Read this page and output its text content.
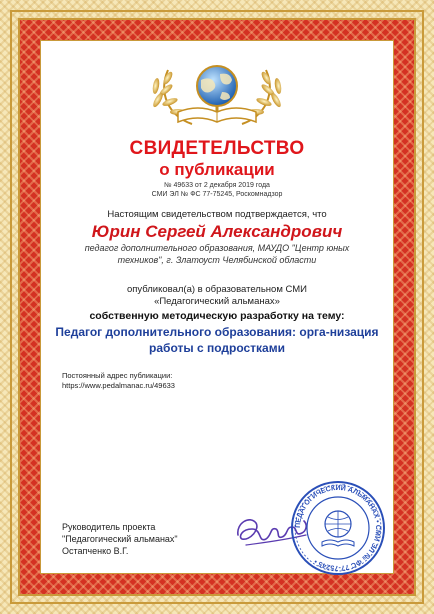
СВИДЕТЕЛЬСТВО
о публикации
№ 49633 от 2 декабря 2019 года
СМИ ЭЛ № ФС 77-75245, Роскомнадзор
Настоящим свидетельством подтверждается, что
Юрин Сергей Александрович
педагог дополнительного образования, МАУДО "Центр юных
техников", г. Златоуст Челябинской области
опубликовал(а) в образовательном СМИ
«Педагогический альманах»
собственную методическую разработку на тему:
Педагог дополнительного образования: орга-низация
работы с подростками
Постоянный адрес публикации:
https://www.pedalmanac.ru/49633
Руководитель проекта
"Педагогический альманах"
Остапченко В.Г.
ПЕДАГОГИЧЕСКИЙ АЛЬМАНАХ • СМИ ЭЛ № ФС 77-75245 •
